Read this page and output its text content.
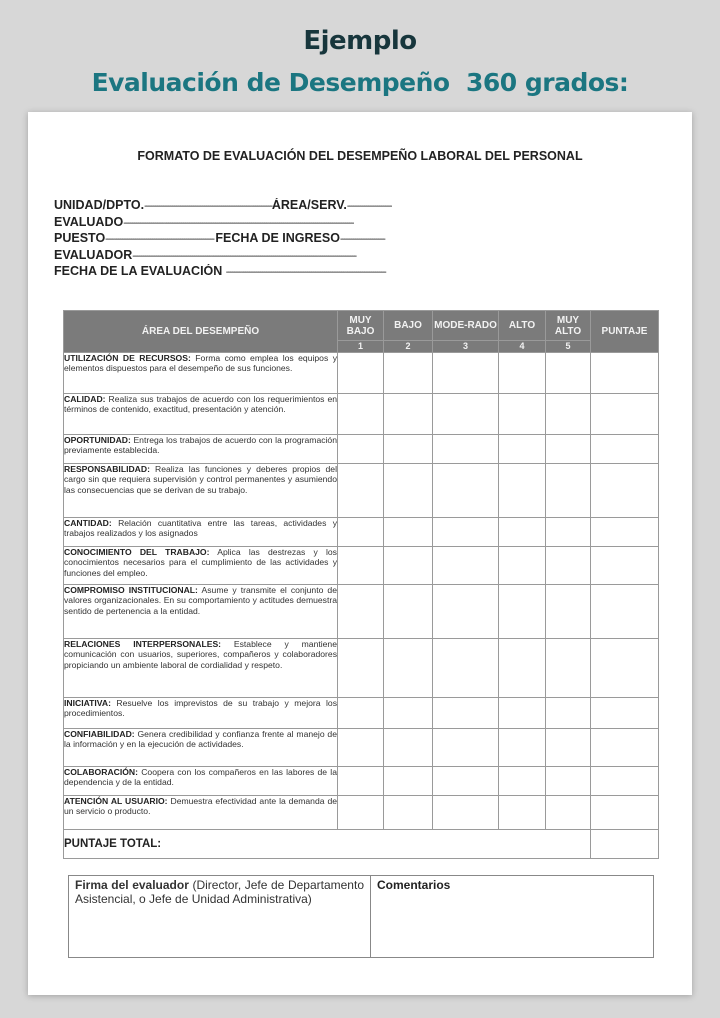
Ejemplo
Evaluación de Desempeño  360 grados:
FORMATO DE EVALUACIÓN DEL DESEMPEÑO LABORAL DEL PERSONAL
UNIDAD/DPTO.------------------------------------------------------------ÁREA/SERV.---------------------
EVALUADO------------------------------------------------------------------------------------------------------------
PUESTO--------------------------------------------------- FECHA DE INGRESO---------------------
EVALUADOR---------------------------------------------------------------------------------------------------------
FECHA DE LA EVALUACIÓN ---------------------------------------------------------------------------
ÁREA DEL DESEMPEÑO	MUY BAJO	BAJO	MODE-RADO	ALTO	MUY ALTO	PUNTAJE
	1	2	3	4	5	
UTILIZACIÓN DE RECURSOS: Forma como emplea los equipos y elementos dispuestos para el desempeño de sus funciones.						
CALIDAD: Realiza sus trabajos de acuerdo con los requerimientos en términos de contenido, exactitud, presentación y atención.						
OPORTUNIDAD: Entrega los trabajos de acuerdo con la programación previamente establecida.						
RESPONSABILIDAD: Realiza las funciones y deberes propios del cargo sin que requiera supervisión y control permanentes y asumiendo las consecuencias que se derivan de su trabajo.						
CANTIDAD: Relación cuantitativa entre las tareas, actividades y trabajos realizados y los asignados						
CONOCIMIENTO DEL TRABAJO: Aplica las destrezas y los conocimientos necesarios para el cumplimiento de las actividades y funciones del empleo.						
COMPROMISO INSTITUCIONAL: Asume y transmite el conjunto de valores organizacionales. En su comportamiento y actitudes demuestra sentido de pertenencia a la entidad.						
RELACIONES INTERPERSONALES: Establece y mantiene comunicación con usuarios, superiores, compañeros y colaboradores propiciando un ambiente laboral de cordialidad y respeto.						
INICIATIVA: Resuelve los imprevistos de su trabajo y mejora los procedimientos.						
CONFIABILIDAD: Genera credibilidad y confianza frente al manejo de la información y en la ejecución de actividades.						
COLABORACIÓN: Coopera con los compañeros en las labores de la dependencia y de la entidad.						
ATENCIÓN AL USUARIO: Demuestra efectividad ante la demanda de un servicio o producto.						
PUNTAJE TOTAL:						
Firma del evaluador (Director, Jefe de Departamento Asistencial, o Jefe de Unidad Administrativa)
Comentarios
